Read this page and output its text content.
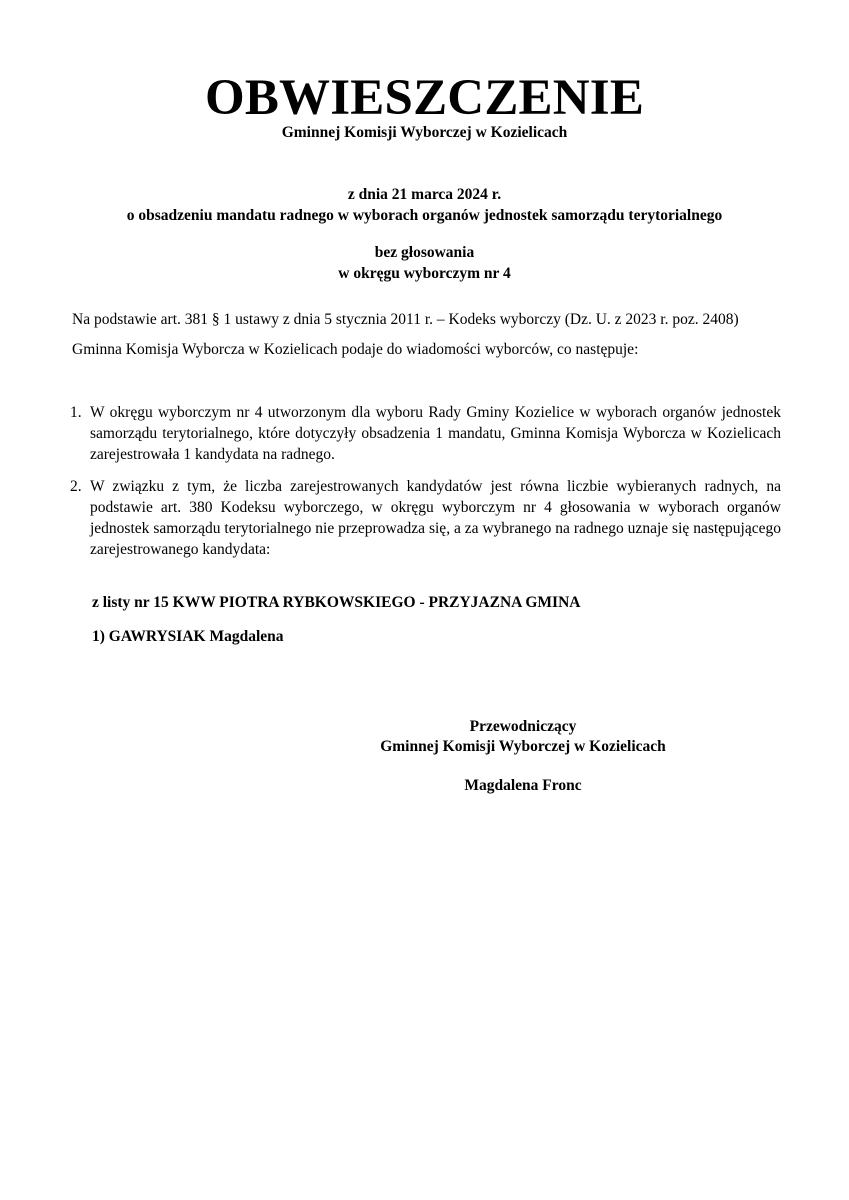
OBWIESZCZENIE
Gminnej Komisji Wyborczej w Kozielicach
z dnia 21 marca 2024 r.
o obsadzeniu mandatu radnego w wyborach organów jednostek samorządu terytorialnego
bez głosowania
w okręgu wyborczym nr 4
Na podstawie art. 381 § 1 ustawy z dnia 5 stycznia 2011 r. – Kodeks wyborczy (Dz. U. z 2023 r. poz. 2408)
Gminna Komisja Wyborcza w Kozielicach podaje do wiadomości wyborców, co następuje:
1. W okręgu wyborczym nr 4 utworzonym dla wyboru Rady Gminy Kozielice w wyborach organów jednostek samorządu terytorialnego, które dotyczyły obsadzenia 1 mandatu, Gminna Komisja Wyborcza w Kozielicach zarejestrowała 1 kandydata na radnego.
2. W związku z tym, że liczba zarejestrowanych kandydatów jest równa liczbie wybieranych radnych, na podstawie art. 380 Kodeksu wyborczego, w okręgu wyborczym nr 4 głosowania w wyborach organów jednostek samorządu terytorialnego nie przeprowadza się, a za wybranego na radnego uznaje się następującego zarejestrowanego kandydata:
z listy nr 15 KWW PIOTRA RYBKOWSKIEGO - PRZYJAZNA GMINA
1) GAWRYSIAK Magdalena
Przewodniczący
Gminnej Komisji Wyborczej w Kozielicach
Magdalena Fronc
